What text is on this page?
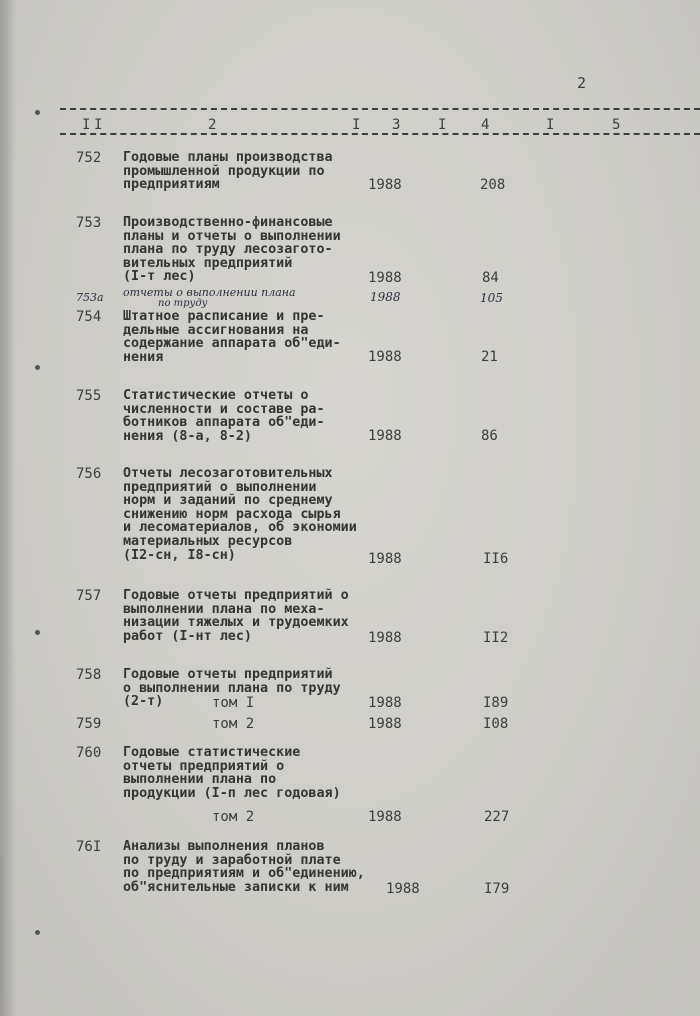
2
I I	2	I 3	I 4	I	5
752 Годовые планы производства
промышленной продукции по
предприятиям	1988	208
753 Производственно-финансовые
планы и отчеты о выполнении
плана по труду лесозагото-
вительных предприятий
(I-т лес)	1988	84
753а отчеты о выполнении плана
по труду	1988	105
754 Штатное расписание и пре-
дельные ассигнования на
содержание аппарата об"еди-
нения	1988	21
755 Статистические отчеты о
численности и составе ра-
ботников аппарата об"еди-
нения (8-а, 8-2)	1988	86
756 Отчеты лесозаготовительных
предприятий о выполнении
норм и заданий по среднему
снижению норм расхода сырья
и лесоматериалов, об экономии
материальных ресурсов
(I2-сн, I8-сн)	1988	II6
757 Годовые отчеты предприятий о
выполнении плана по меха-
низации тяжелых и трудоемких
работ (I-нт лес)	1988	II2
758 Годовые отчеты предприятий
о выполнении плана по труду
(2-т)	том I	1988	I89
759	том 2	1988	I08
760 Годовые статистические
отчеты предприятий о
выполнении плана по
продукции (I-п лес годовая)
том 2	1988	227
76I Анализы выполнения планов
по труду и заработной плате
по предприятиям и об"единению,
об"яснительные записки к ним	1988	I79
